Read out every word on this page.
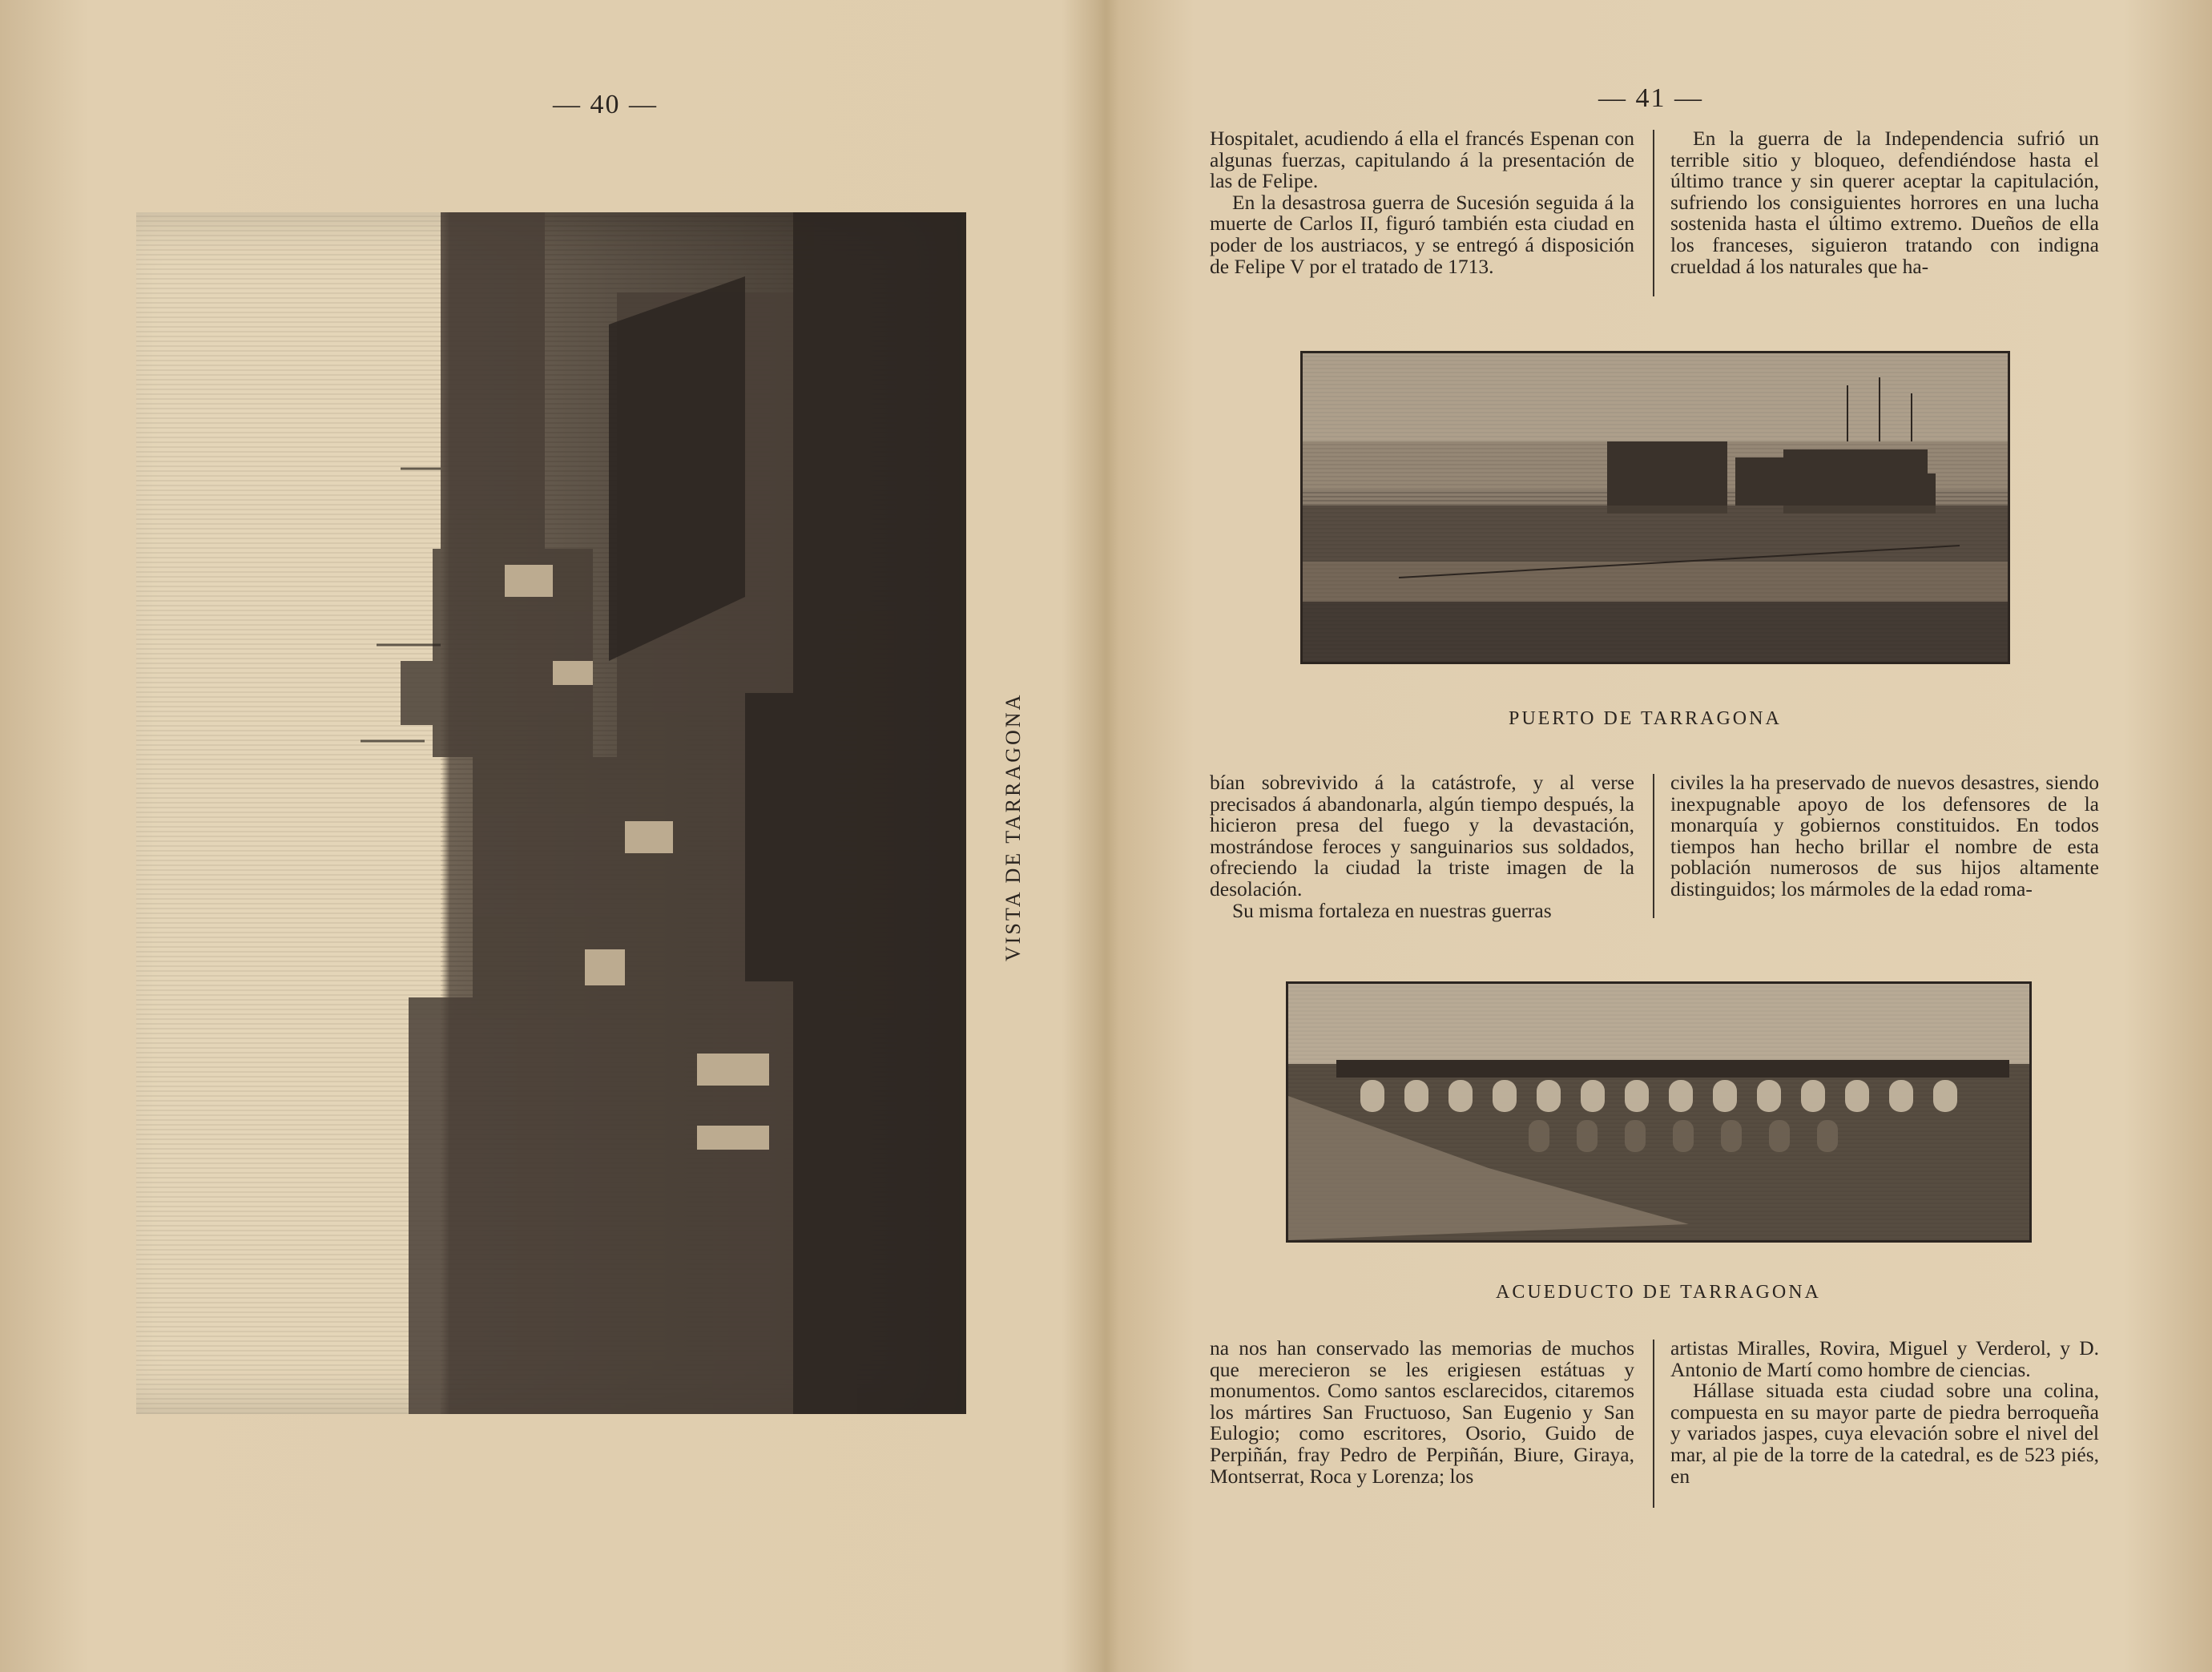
— 40 —
VISTA DE TARRAGONA
— 41 —

Hospitalet, acudiendo á ella el francés Espenan con algunas fuerzas, capitulando á la presentación de las de Felipe.

En la desastrosa guerra de Sucesión seguida á la muerte de Carlos II, figuró también esta ciudad en poder de los austriacos, y se entregó á disposición de Felipe V por el tratado de 1713.

En la guerra de la Independencia sufrió un terrible sitio y bloqueo, defendiéndose hasta el último trance y sin querer aceptar la capitulación, sufriendo los consiguientes horrores en una lucha sostenida hasta el último extremo. Dueños de ella los franceses, siguieron tratando con indigna crueldad á los naturales que ha-

PUERTO DE TARRAGONA

bían sobrevivido á la catástrofe, y al verse precisados á abandonarla, algún tiempo después, la hicieron presa del fuego y la devastación, mostrándose feroces y sanguinarios sus soldados, ofreciendo la ciudad la triste imagen de la desolación.

Su misma fortaleza en nuestras guerras

civiles la ha preservado de nuevos desastres, siendo inexpugnable apoyo de los defensores de la monarquía y gobiernos constituidos. En todos tiempos han hecho brillar el nombre de esta población numerosos de sus hijos altamente distinguidos; los mármoles de la edad roma-

ACUEDUCTO DE TARRAGONA

na nos han conservado las memorias de muchos que merecieron se les erigiesen estátuas y monumentos. Como santos esclarecidos, citaremos los mártires San Fructuoso, San Eugenio y San Eulogio; como escritores, Osorio, Guido de Perpiñán, fray Pedro de Perpiñán, Biure, Giraya, Montserrat, Roca y Lorenza; los

artistas Miralles, Rovira, Miguel y Verderol, y D. Antonio de Martí como hombre de ciencias.

Hállase situada esta ciudad sobre una colina, compuesta en su mayor parte de piedra berroqueña y variados jaspes, cuya elevación sobre el nivel del mar, al pie de la torre de la catedral, es de 523 piés, en
